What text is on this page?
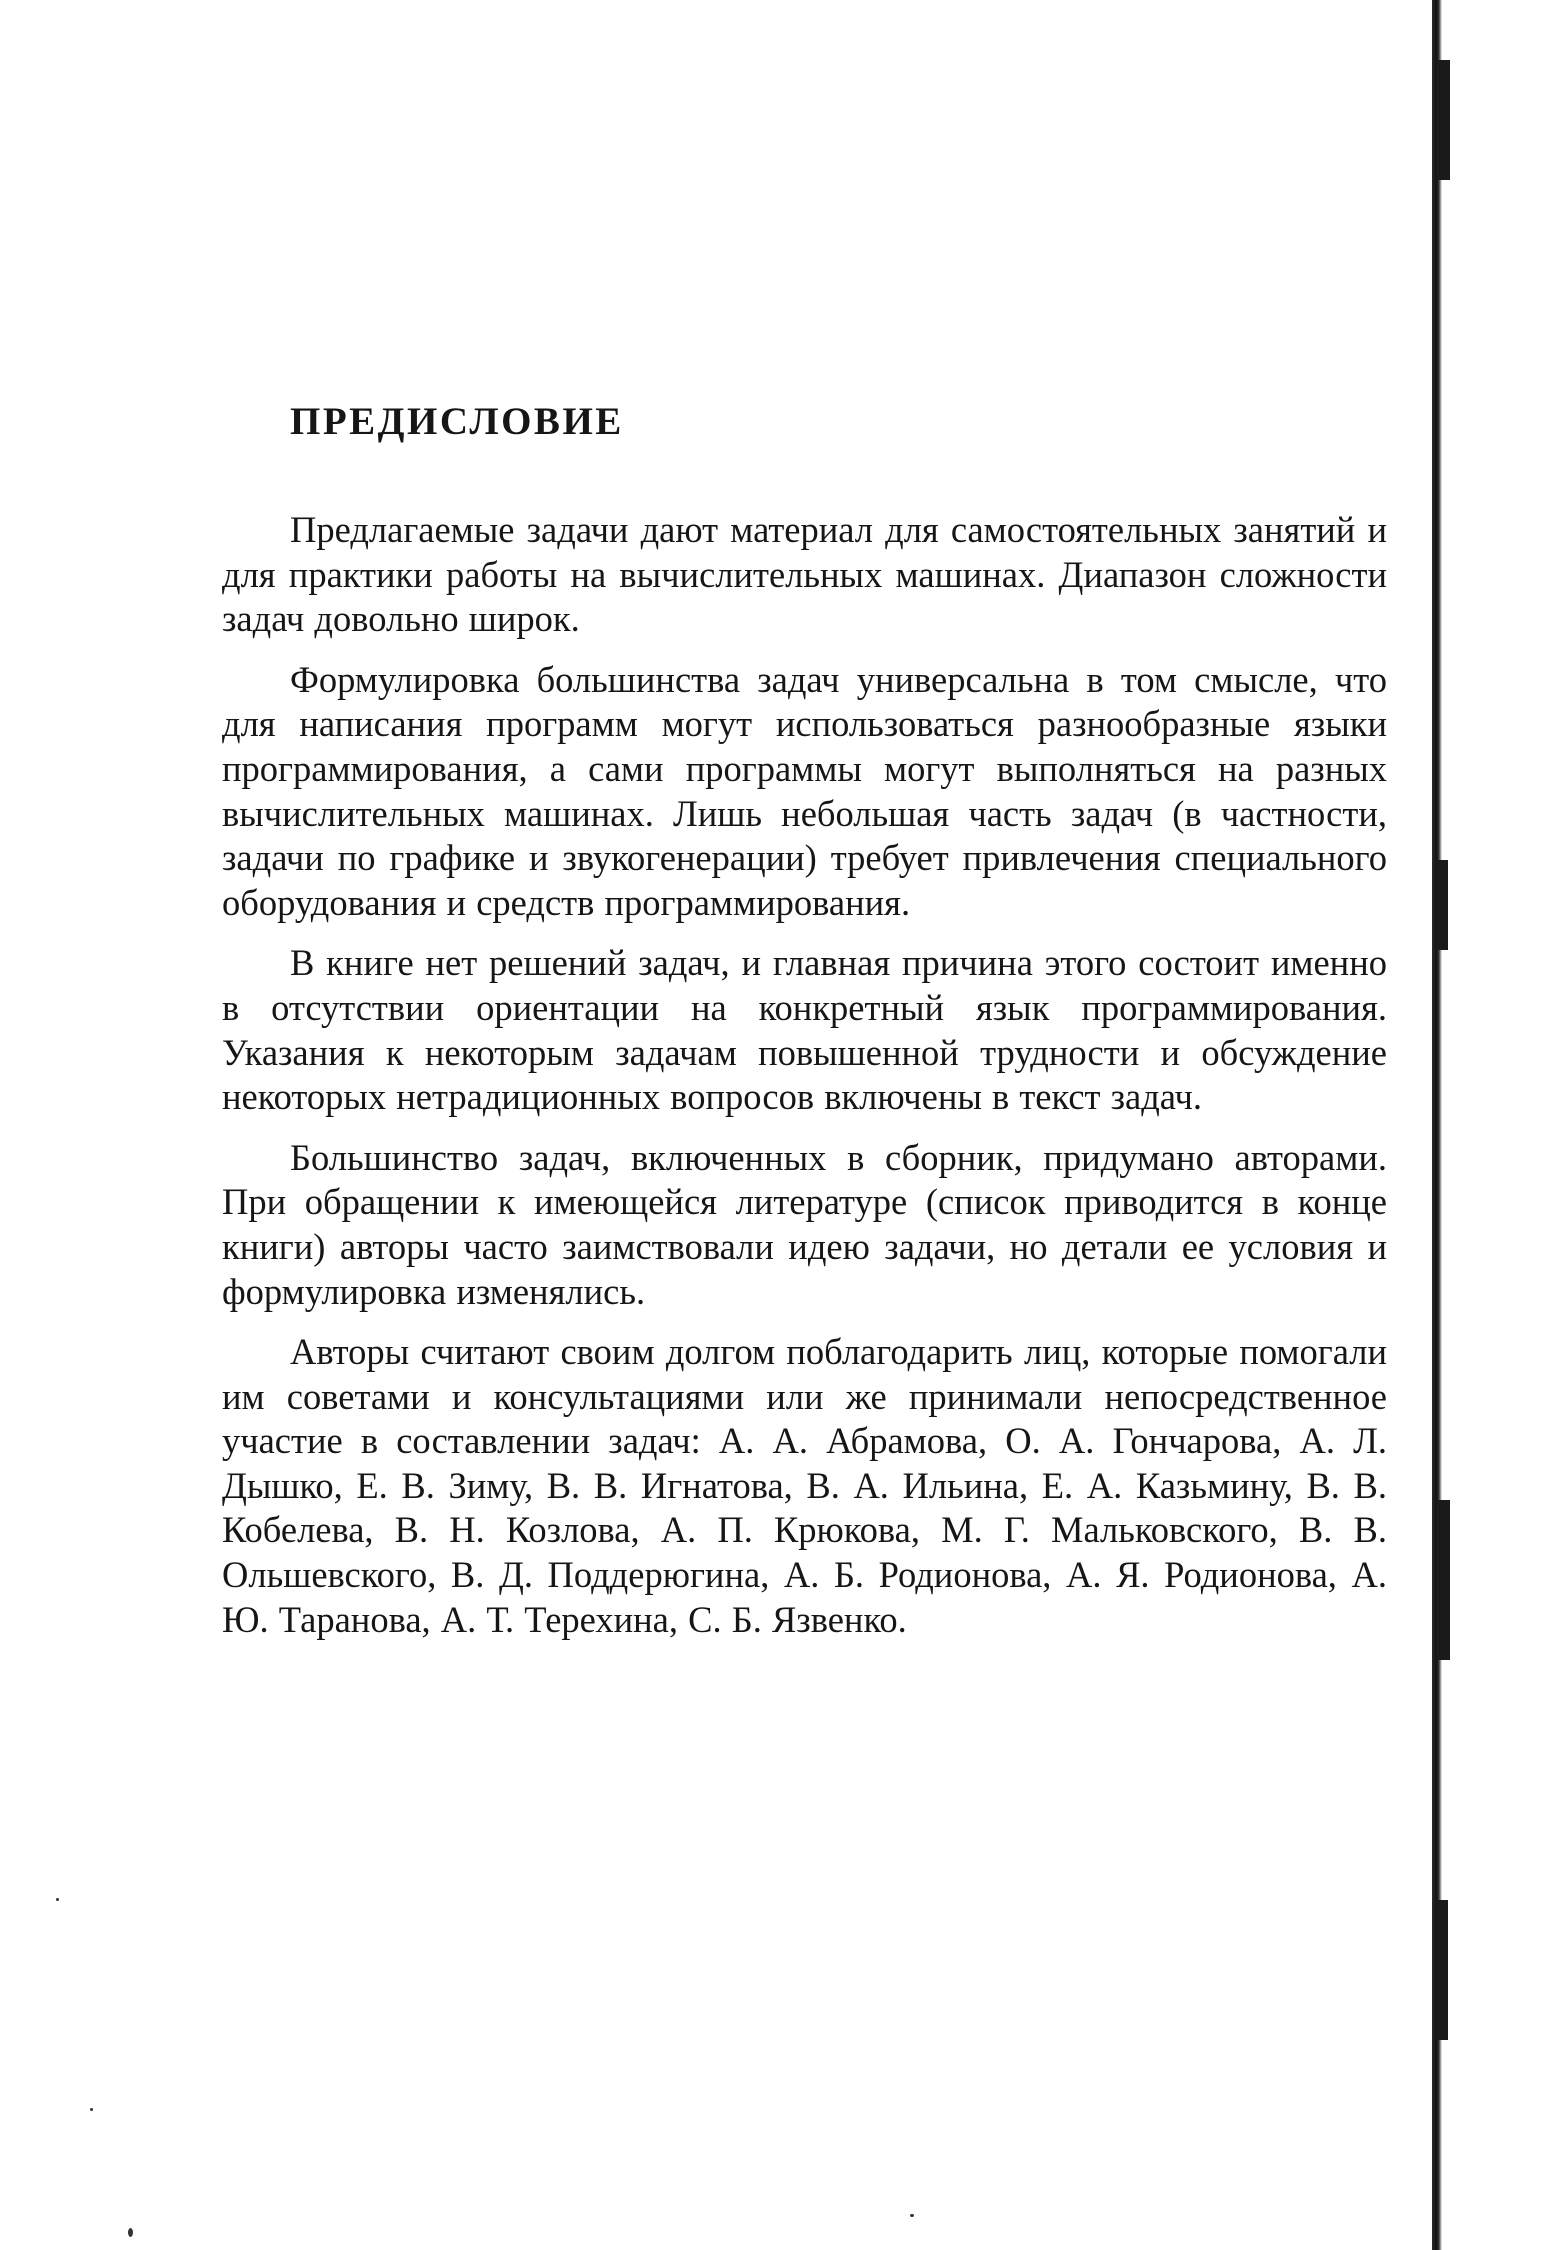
ПРЕДИСЛОВИЕ

Предлагаемые задачи дают материал для самостоятельных занятий и для практики работы на вычислительных машинах. Диапазон сложности задач довольно широк.

Формулировка большинства задач универсальна в том смысле, что для написания программ могут использоваться разнообразные языки программирования, а сами программы могут выполняться на разных вычислительных машинах. Лишь небольшая часть задач (в частности, задачи по графике и звукогенерации) требует привлечения специального оборудования и средств программирования.

В книге нет решений задач, и главная причина этого состоит именно в отсутствии ориентации на конкретный язык программирования. Указания к некоторым задачам повышенной трудности и обсуждение некоторых нетрадиционных вопросов включены в текст задач.

Большинство задач, включенных в сборник, придумано авторами. При обращении к имеющейся литературе (список приводится в конце книги) авторы часто заимствовали идею задачи, но детали ее условия и формулировка изменялись.

Авторы считают своим долгом поблагодарить лиц, которые помогали им советами и консультациями или же принимали непосредственное участие в составлении задач: А. А. Абрамова, О. А. Гончарова, А. Л. Дышко, Е. В. Зиму, В. В. Игнатова, В. А. Ильина, Е. А. Казьмину, В. В. Кобелева, В. Н. Козлова, А. П. Крюкова, М. Г. Мальковского, В. В. Ольшевского, В. Д. Поддерюгина, А. Б. Родионова, А. Я. Родионова, А. Ю. Таранова, А. Т. Терехина, С. Б. Язвенко.
